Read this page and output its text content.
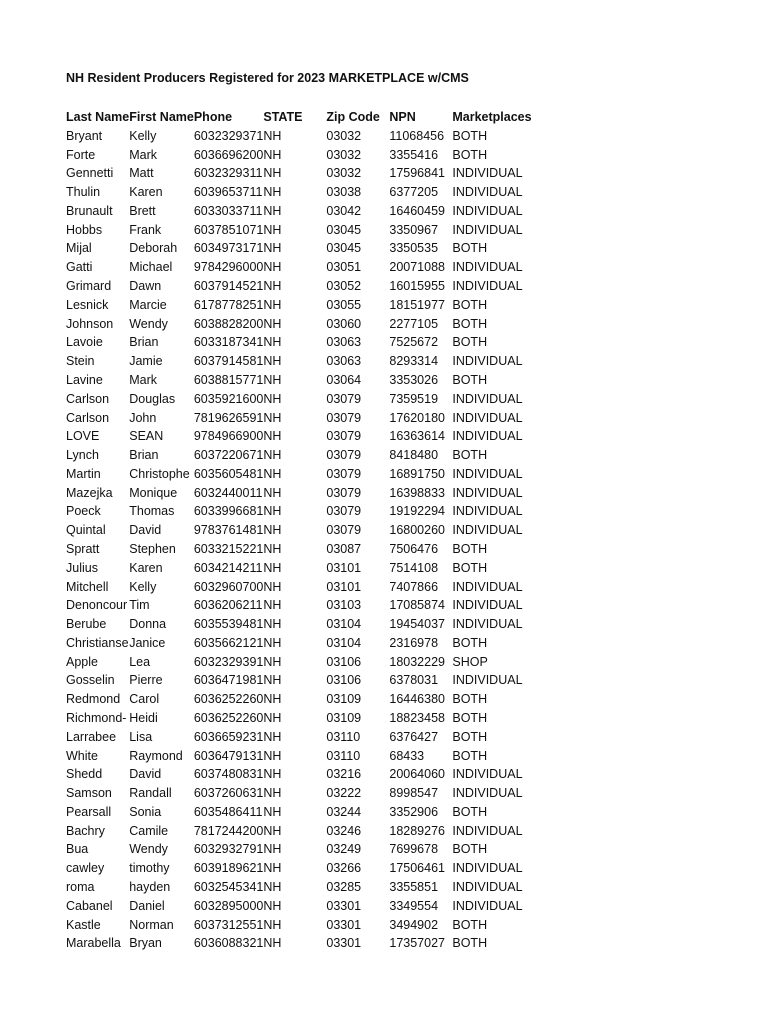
NH Resident Producers Registered for 2023 MARKETPLACE w/CMS
Last Name	First Name	Phone	STATE	Zip Code	NPN	Marketplaces
Bryant	Kelly	6032329371	NH	03032	11068456	BOTH
Forte	Mark	6036696200	NH	03032	3355416	BOTH
Gennetti	Matt	6032329311	NH	03032	17596841	INDIVIDUAL
Thulin	Karen	6039653711	NH	03038	6377205	INDIVIDUAL
Brunault	Brett	6033033711	NH	03042	16460459	INDIVIDUAL
Hobbs	Frank	6037851071	NH	03045	3350967	INDIVIDUAL
Mijal	Deborah	6034973171	NH	03045	3350535	BOTH
Gatti	Michael	9784296000	NH	03051	20071088	INDIVIDUAL
Grimard	Dawn	6037914521	NH	03052	16015955	INDIVIDUAL
Lesnick	Marcie	6178778251	NH	03055	18151977	BOTH
Johnson	Wendy	6038828200	NH	03060	2277105	BOTH
Lavoie	Brian	6033187341	NH	03063	7525672	BOTH
Stein	Jamie	6037914581	NH	03063	8293314	INDIVIDUAL
Lavine	Mark	6038815771	NH	03064	3353026	BOTH
Carlson	Douglas	6035921600	NH	03079	7359519	INDIVIDUAL
Carlson	John	7819626591	NH	03079	17620180	INDIVIDUAL
LOVE	SEAN	9784966900	NH	03079	16363614	INDIVIDUAL
Lynch	Brian	6037220671	NH	03079	8418480	BOTH
Martin	Christophe	6035605481	NH	03079	16891750	INDIVIDUAL
Mazejka	Monique	6032440011	NH	03079	16398833	INDIVIDUAL
Poeck	Thomas	6033996681	NH	03079	19192294	INDIVIDUAL
Quintal	David	9783761481	NH	03079	16800260	INDIVIDUAL
Spratt	Stephen	6033215221	NH	03087	7506476	BOTH
Julius	Karen	6034214211	NH	03101	7514108	BOTH
Mitchell	Kelly	6032960700	NH	03101	7407866	INDIVIDUAL
Denoncour	Tim	6036206211	NH	03103	17085874	INDIVIDUAL
Berube	Donna	6035539481	NH	03104	19454037	INDIVIDUAL
Christianse	Janice	6035662121	NH	03104	2316978	BOTH
Apple	Lea	6032329391	NH	03106	18032229	SHOP
Gosselin	Pierre	6036471981	NH	03106	6378031	INDIVIDUAL
Redmond	Carol	6036252260	NH	03109	16446380	BOTH
Richmond-	Heidi	6036252260	NH	03109	18823458	BOTH
Larrabee	Lisa	6036659231	NH	03110	6376427	BOTH
White	Raymond	6036479131	NH	03110	68433	BOTH
Shedd	David	6037480831	NH	03216	20064060	INDIVIDUAL
Samson	Randall	6037260631	NH	03222	8998547	INDIVIDUAL
Pearsall	Sonia	6035486411	NH	03244	3352906	BOTH
Bachry	Camile	7817244200	NH	03246	18289276	INDIVIDUAL
Bua	Wendy	6032932791	NH	03249	7699678	BOTH
cawley	timothy	6039189621	NH	03266	17506461	INDIVIDUAL
roma	hayden	6032545341	NH	03285	3355851	INDIVIDUAL
Cabanel	Daniel	6032895000	NH	03301	3349554	INDIVIDUAL
Kastle	Norman	6037312551	NH	03301	3494902	BOTH
Marabella	Bryan	6036088321	NH	03301	17357027	BOTH
